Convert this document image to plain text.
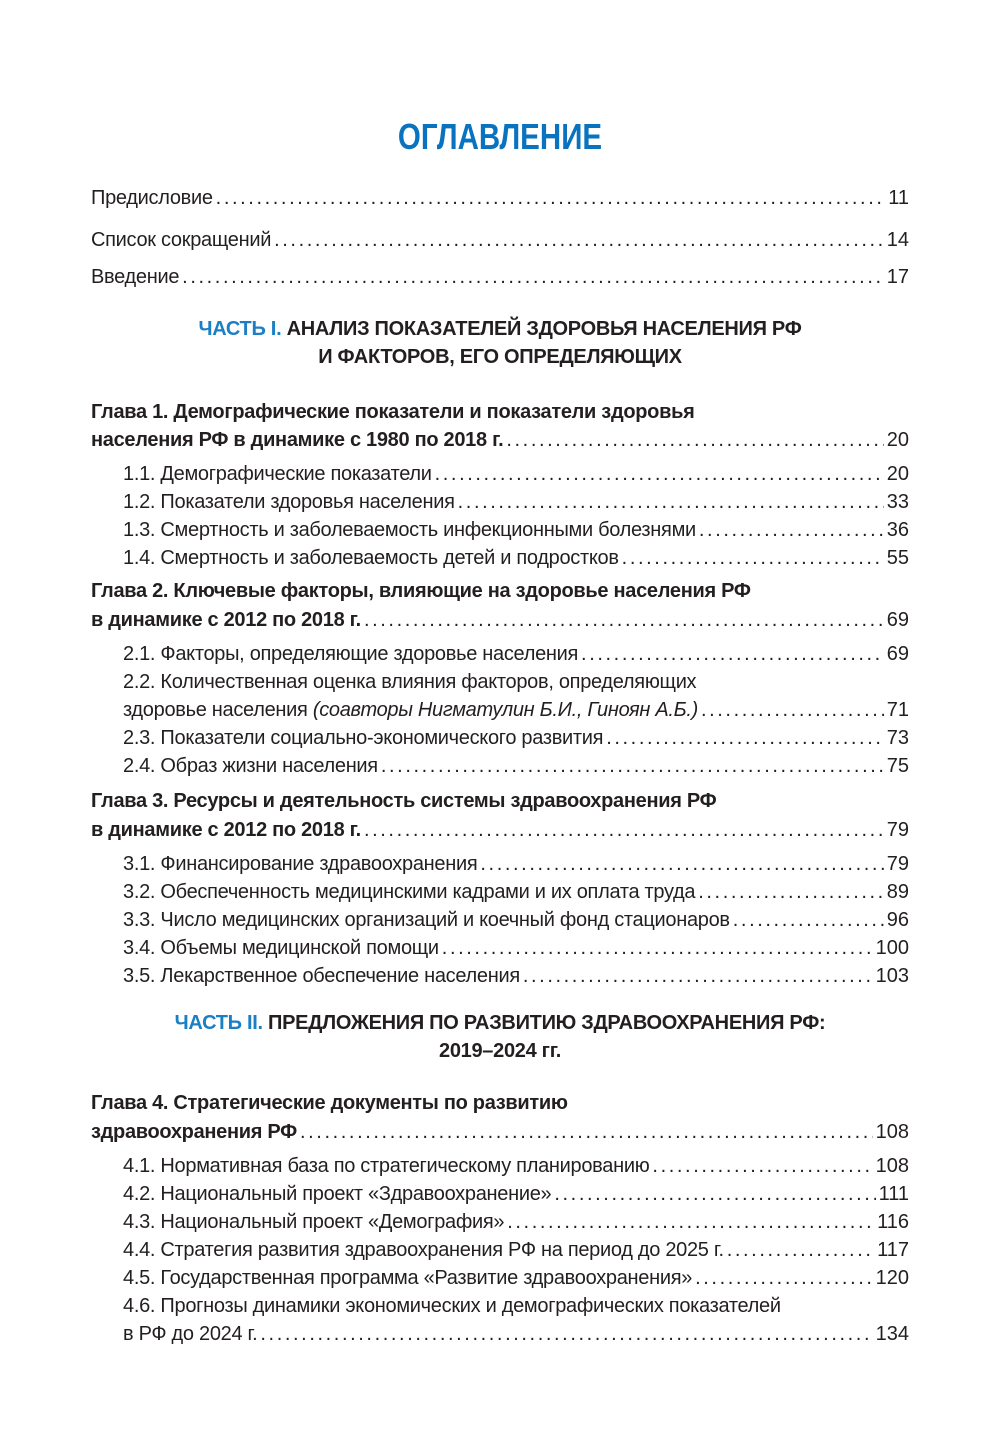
ОГЛАВЛЕНИЕ
Предисловие .....	11
Список сокращений .....	14
Введение .....	17
ЧАСТЬ I. АНАЛИЗ ПОКАЗАТЕЛЕЙ ЗДОРОВЬЯ НАСЕЛЕНИЯ РФ
И ФАКТОРОВ, ЕГО ОПРЕДЕЛЯЮЩИХ
Глава 1. Демографические показатели и показатели здоровья
населения РФ в динамике с 1980 по 2018 г. .....	20
1.1. Демографические показатели .....	20
1.2. Показатели здоровья населения .....	33
1.3. Смертность и заболеваемость инфекционными болезнями .....	36
1.4. Смертность и заболеваемость детей и подростков .....	55
Глава 2. Ключевые факторы, влияющие на здоровье населения РФ
в динамике с 2012 по 2018 г. .....	69
2.1. Факторы, определяющие здоровье населения .....	69
2.2. Количественная оценка влияния факторов, определяющих
здоровье населения (соавторы Нигматулин Б.И., Гиноян А.Б.) .....	71
2.3. Показатели социально-экономического развития .....	73
2.4. Образ жизни населения .....	75
Глава 3. Ресурсы и деятельность системы здравоохранения РФ
в динамике с 2012 по 2018 г. .....	79
3.1. Финансирование здравоохранения .....	79
3.2. Обеспеченность медицинскими кадрами и их оплата труда .....	89
3.3. Число медицинских организаций и коечный фонд стационаров .....	96
3.4. Объемы медицинской помощи .....	100
3.5. Лекарственное обеспечение населения .....	103
ЧАСТЬ II. ПРЕДЛОЖЕНИЯ ПО РАЗВИТИЮ ЗДРАВООХРАНЕНИЯ РФ:
2019–2024 гг.
Глава 4. Стратегические документы по развитию
здравоохранения РФ .....	108
4.1. Нормативная база по стратегическому планированию .....	108
4.2. Национальный проект «Здравоохранение» .....	111
4.3. Национальный проект «Демография» .....	116
4.4. Стратегия развития здравоохранения РФ на период до 2025 г. .....	117
4.5. Государственная программа «Развитие здравоохранения» .....	120
4.6. Прогнозы динамики экономических и демографических показателей
в РФ до 2024 г. .....	134
